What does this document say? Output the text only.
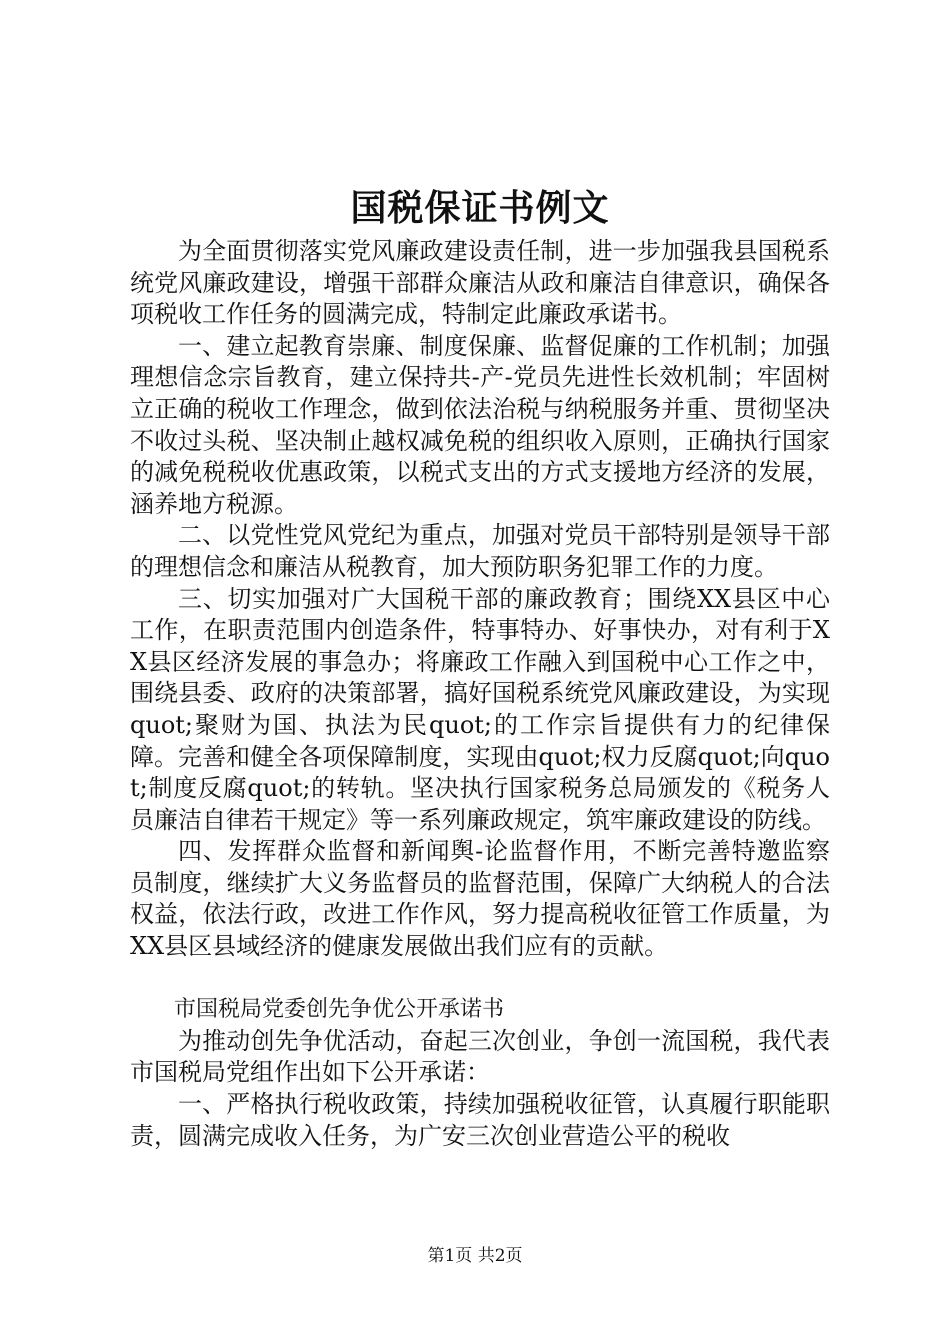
国税保证书例文

为全面贯彻落实党风廉政建设责任制，进一步加强我县国税系统党风廉政建设，增强干部群众廉洁从政和廉洁自律意识，确保各项税收工作任务的圆满完成，特制定此廉政承诺书。

一、建立起教育崇廉、制度保廉、监督促廉的工作机制；加强理想信念宗旨教育，建立保持共-产-党员先进性长效机制；牢固树立正确的税收工作理念，做到依法治税与纳税服务并重、贯彻坚决不收过头税、坚决制止越权减免税的组织收入原则，正确执行国家的减免税税收优惠政策，以税式支出的方式支援地方经济的发展，涵养地方税源。

二、以党性党风党纪为重点，加强对党员干部特别是领导干部的理想信念和廉洁从税教育，加大预防职务犯罪工作的力度。

三、切实加强对广大国税干部的廉政教育；围绕XX县区中心工作，在职责范围内创造条件，特事特办、好事快办，对有利于XX县区经济发展的事急办；将廉政工作融入到国税中心工作之中，围绕县委、政府的决策部署，搞好国税系统党风廉政建设，为实现quot;聚财为国、执法为民quot;的工作宗旨提供有力的纪律保障。完善和健全各项保障制度，实现由quot;权力反腐quot;向quot;制度反腐quot;的转轨。坚决执行国家税务总局颁发的《税务人员廉洁自律若干规定》等一系列廉政规定，筑牢廉政建设的防线。

四、发挥群众监督和新闻舆-论监督作用，不断完善特邀监察员制度，继续扩大义务监督员的监督范围，保障广大纳税人的合法权益，依法行政，改进工作作风，努力提高税收征管工作质量，为XX县区县域经济的健康发展做出我们应有的贡献。

市国税局党委创先争优公开承诺书

为推动创先争优活动，奋起三次创业，争创一流国税，我代表市国税局党组作出如下公开承诺：

一、严格执行税收政策，持续加强税收征管，认真履行职能职责，圆满完成收入任务，为广安三次创业营造公平的税收

第1页 共2页
